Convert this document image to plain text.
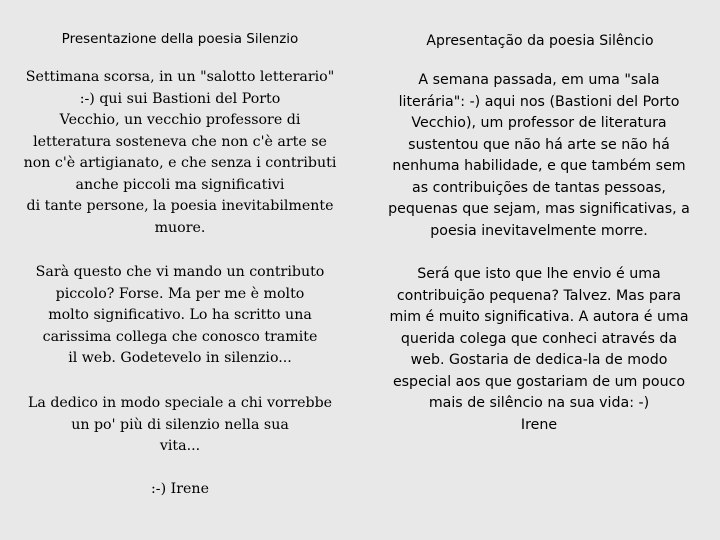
Presentazione della poesia Silenzio

Settimana scorsa, in un "salotto letterario"
:-) qui sui Bastioni del Porto
Vecchio, un vecchio professore di
letteratura sosteneva che non c'è arte se
non c'è artigianato, e che senza i contributi
anche piccoli ma significativi
di tante persone, la poesia inevitabilmente
muore.

Sarà questo che vi mando un contributo
piccolo? Forse. Ma per me è molto
molto significativo. Lo ha scritto una
carissima collega che conosco tramite
il web. Godetevelo in silenzio...

La dedico in modo speciale a chi vorrebbe
un po' più di silenzio nella sua
vita...

:-) Irene

Apresentação da poesia Silêncio

A semana passada, em uma "sala
literária": -) aqui nos (Bastioni del Porto
Vecchio), um professor de literatura
sustentou que não há arte se não há
nenhuma habilidade, e que também sem
as contribuições de tantas pessoas,
pequenas que sejam, mas significativas, a
poesia inevitavelmente morre.

Será que isto que lhe envio é uma
contribuição pequena? Talvez. Mas para
mim é muito significativa. A autora é uma
querida colega que conheci através da
web. Gostaria de dedica-la de modo
especial aos que gostariam de um pouco
mais de silêncio na sua vida: -)
Irene
